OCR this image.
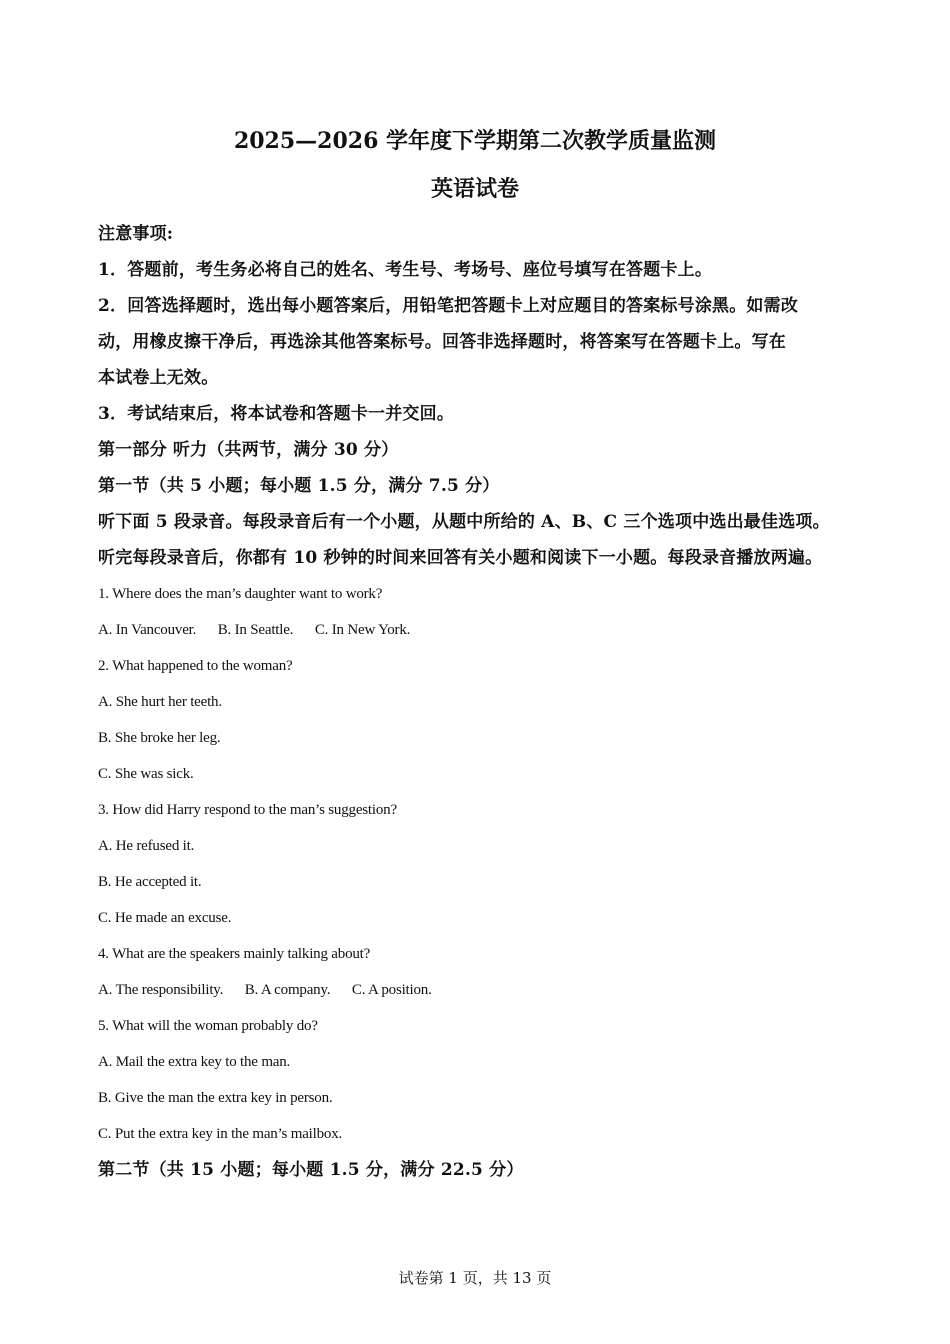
2025—2026 学年度下学期第二次教学质量监测
英语试卷

注意事项:

1．答题前，考生务必将自己的姓名、考生号、考场号、座位号填写在答题卡上。

2．回答选择题时，选出每小题答案后，用铅笔把答题卡上对应题目的答案标号涂黑。如需改

动，用橡皮擦干净后，再选涂其他答案标号。回答非选择题时，将答案写在答题卡上。写在

本试卷上无效。

3．考试结束后，将本试卷和答题卡一并交回。

第一部分 听力（共两节，满分 30 分）

第一节（共 5 小题；每小题 1.5 分，满分 7.5 分）

听下面 5 段录音。每段录音后有一个小题，从题中所给的 A、B、C 三个选项中选出最佳选项。

听完每段录音后，你都有 10 秒钟的时间来回答有关小题和阅读下一小题。每段录音播放两遍。

1. Where does the man’s daughter want to work?

A. In Vancouver. B. In Seattle. C. In New York.

2. What happened to the woman?

A. She hurt her teeth.

B. She broke her leg.

C. She was sick.

3. How did Harry respond to the man’s suggestion?

A. He refused it.

B. He accepted it.

C. He made an excuse.

4. What are the speakers mainly talking about?

A. The responsibility. B. A company. C. A position.

5. What will the woman probably do?

A. Mail the extra key to the man.

B. Give the man the extra key in person.

C. Put the extra key in the man’s mailbox.

第二节（共 15 小题；每小题 1.5 分，满分 22.5 分）

试卷第 1 页，共 13 页
